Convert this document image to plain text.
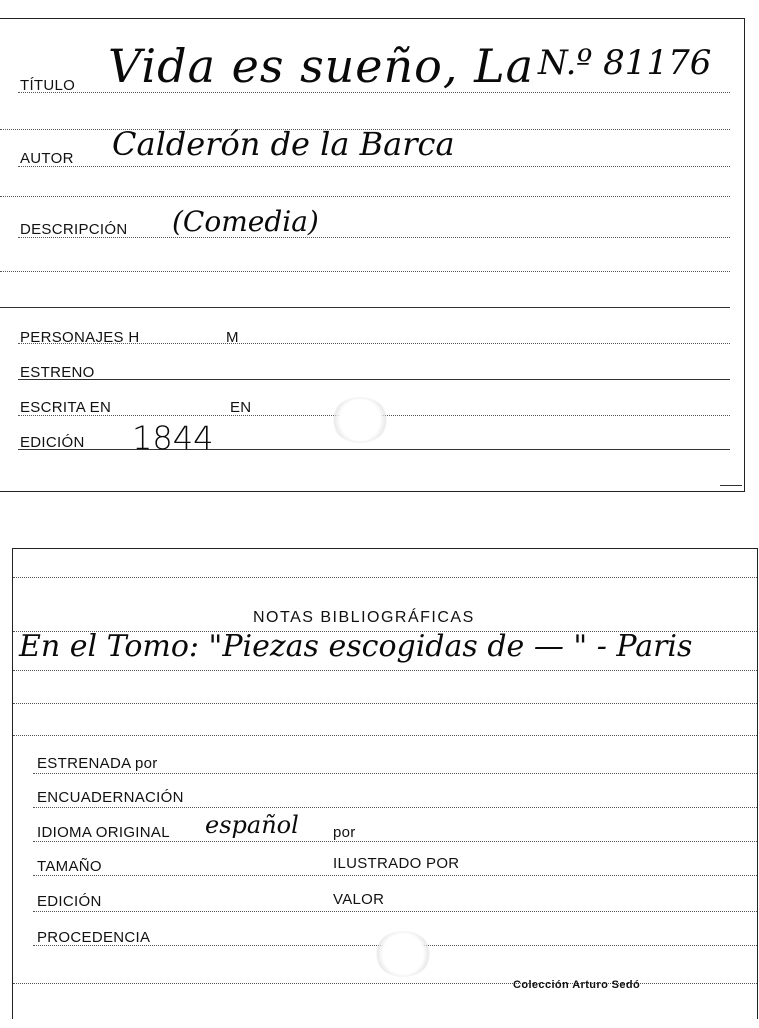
TÍTULO Vida es sueño, La N.º 81176
AUTOR Calderón de la Barca
DESCRIPCIÓN (Comedia)
PERSONAJES H	M
ESTRENO
ESCRITA EN	EN
EDICIÓN 1844
NOTAS BIBLIOGRÁFICAS
En el Tomo: "Piezas escogidas de — " - Paris
ESTRENADA por
ENCUADERNACIÓN
IDIOMA ORIGINAL español por
TAMAÑO	ILUSTRADO POR
EDICIÓN	VALOR
PROCEDENCIA
Colección Arturo Sedó
